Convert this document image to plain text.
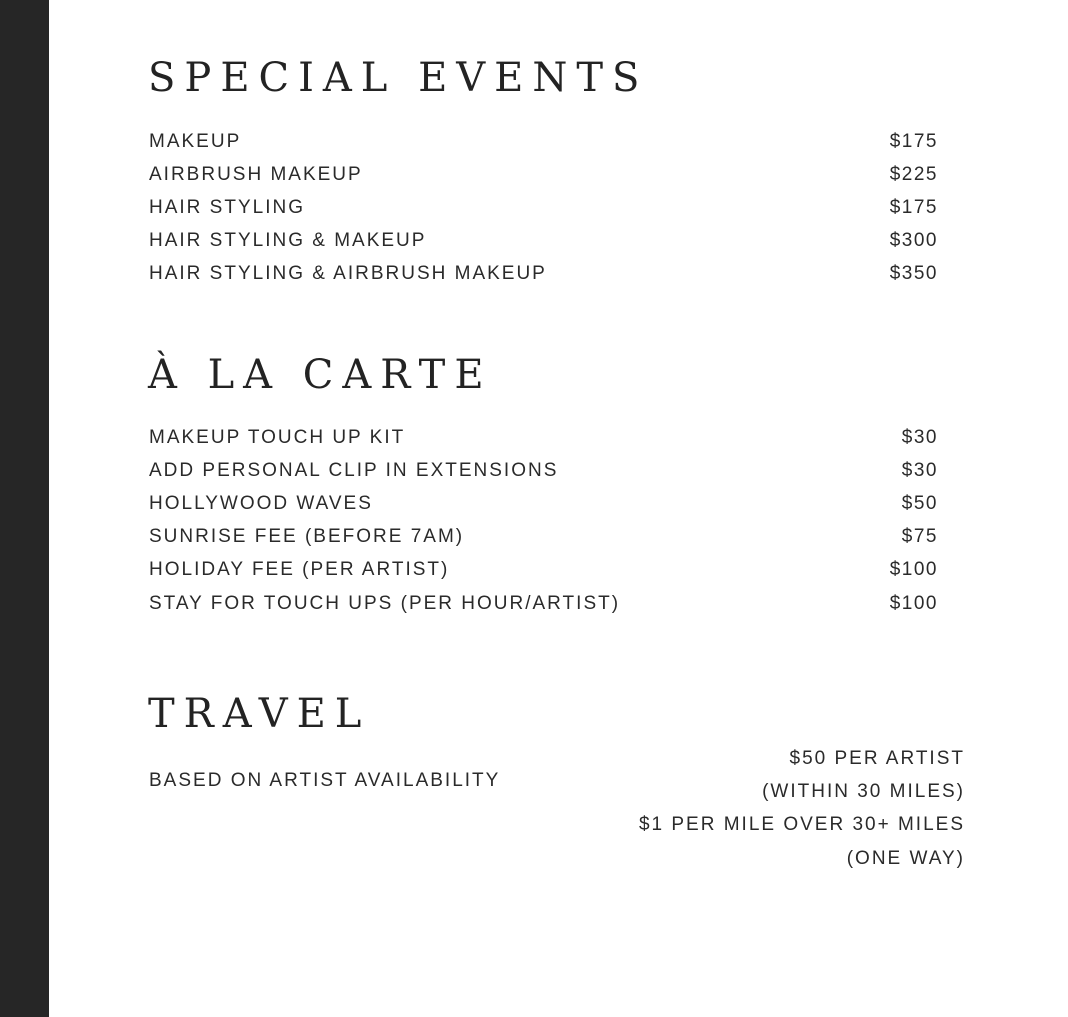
SPECIAL EVENTS
MAKEUP	$175
AIRBRUSH MAKEUP	$225
HAIR STYLING	$175
HAIR STYLING & MAKEUP	$300
HAIR STYLING & AIRBRUSH MAKEUP	$350
À LA CARTE
MAKEUP TOUCH UP KIT	$30
ADD PERSONAL CLIP IN EXTENSIONS	$30
HOLLYWOOD WAVES	$50
SUNRISE FEE (BEFORE 7AM)	$75
HOLIDAY FEE (PER ARTIST)	$100
STAY FOR TOUCH UPS (PER HOUR/ARTIST)	$100
TRAVEL
BASED ON ARTIST AVAILABILITY
$50 PER ARTIST
(WITHIN 30 MILES)
$1 PER MILE OVER 30+ MILES
(ONE WAY)
